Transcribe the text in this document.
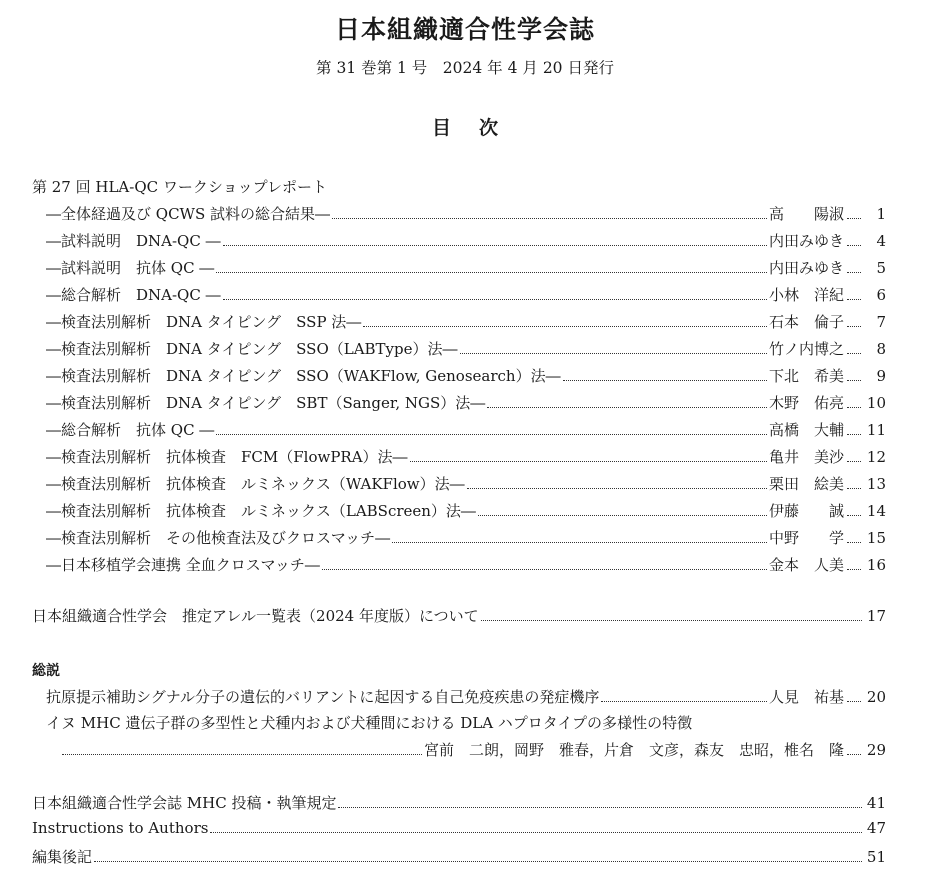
日本組織適合性学会誌
第 31 巻第 1 号　2024 年 4 月 20 日発行
目次
第 27 回 HLA-QC ワークショップレポート
―全体経過及び QCWS 試料の総合結果―	高　　陽淑	1
―試料説明　DNA-QC ―	内田みゆき	4
―試料説明　抗体 QC ―	内田みゆき	5
―総合解析　DNA-QC ―	小林　洋紀	6
―検査法別解析　DNA タイピング　SSP 法―	石本　倫子	7
―検査法別解析　DNA タイピング　SSO（LABType）法―	竹ノ内博之	8
―検査法別解析　DNA タイピング　SSO（WAKFlow, Genosearch）法―	下北　希美	9
―検査法別解析　DNA タイピング　SBT（Sanger, NGS）法―	木野　佑亮 10
―総合解析　抗体 QC ―	高橋　大輔 11
―検査法別解析　抗体検査　FCM（FlowPRA）法―	亀井　美沙 12
―検査法別解析　抗体検査　ルミネックス（WAKFlow）法―	栗田　絵美 13
―検査法別解析　抗体検査　ルミネックス（LABScreen）法―	伊藤　　誠 14
―検査法別解析　その他検査法及びクロスマッチ―	中野　　学 15
―日本移植学会連携 全血クロスマッチ―	金本　人美 16
日本組織適合性学会　推定アレル一覧表（2024 年度版）について	17
総説
抗原提示補助シグナル分子の遺伝的バリアントに起因する自己免疫疾患の発症機序	人見　祐基 20
イヌ MHC 遺伝子群の多型性と犬種内および犬種間における DLA ハプロタイプの多様性の特徴
宮前　二朗，岡野　雅春，片倉　文彦，森友　忠昭，椎名　隆 29
日本組織適合性学会誌 MHC 投稿・執筆規定	41
Instructions to Authors	47
編集後記	51
